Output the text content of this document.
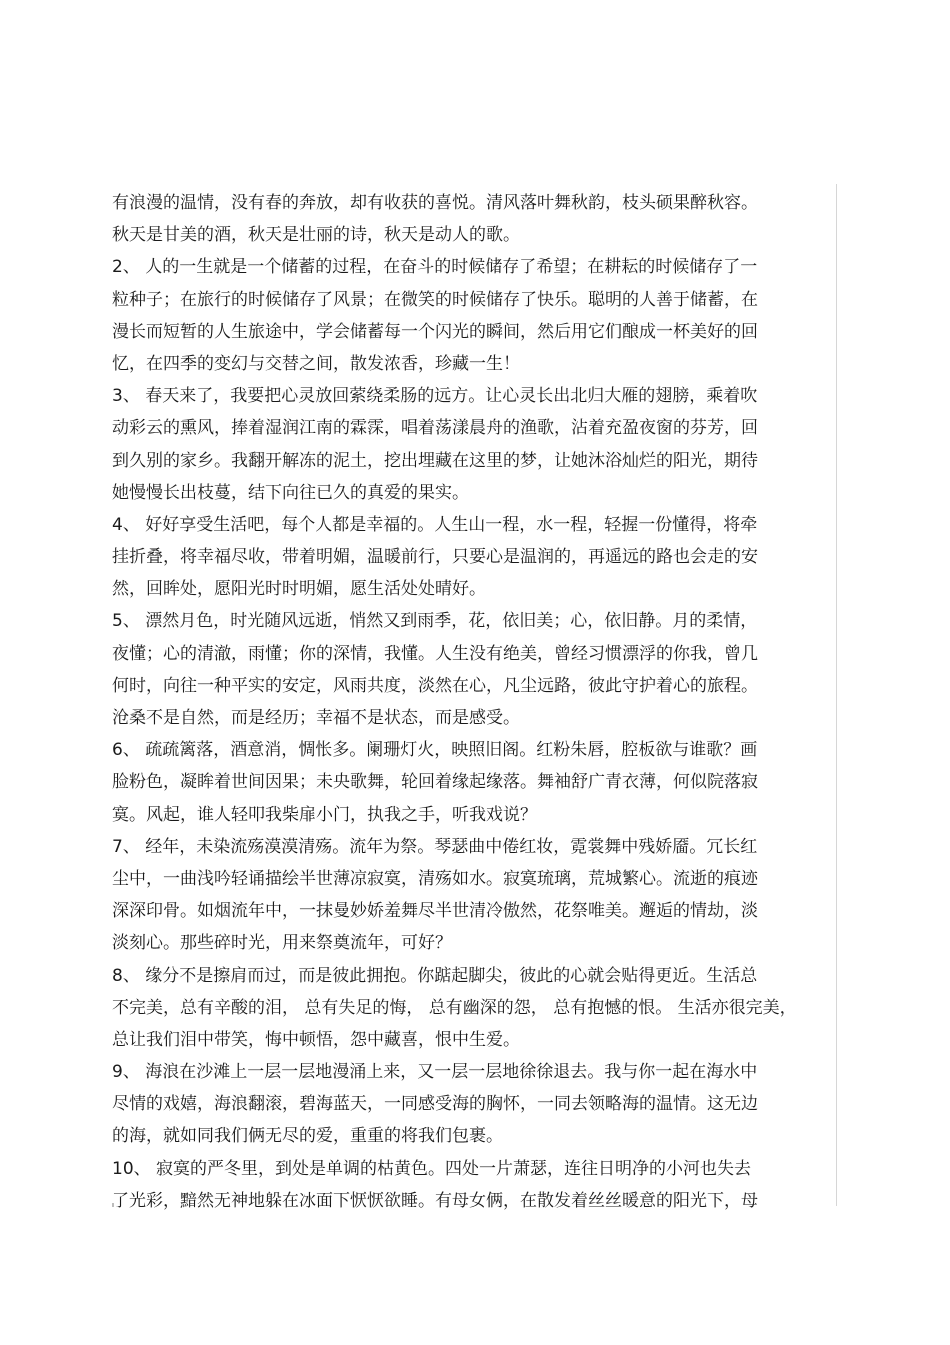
有浪漫的温情，没有春的奔放，却有收获的喜悦。清风落叶舞秋韵，枝头硕果醉秋容。
秋天是甘美的酒，秋天是壮丽的诗，秋天是动人的歌。
2、 人的一生就是一个储蓄的过程，在奋斗的时候储存了希望；在耕耘的时候储存了一
粒种子；在旅行的时候储存了风景；在微笑的时候储存了快乐。聪明的人善于储蓄，在
漫长而短暂的人生旅途中，学会储蓄每一个闪光的瞬间，然后用它们酿成一杯美好的回
忆，在四季的变幻与交替之间，散发浓香，珍藏一生！
3、 春天来了，我要把心灵放回萦绕柔肠的远方。让心灵长出北归大雁的翅膀，乘着吹
动彩云的熏风，捧着湿润江南的霖霂，唱着荡漾晨舟的渔歌，沾着充盈夜窗的芬芳，回
到久别的家乡。我翻开解冻的泥土，挖出埋藏在这里的梦，让她沐浴灿烂的阳光，期待
她慢慢长出枝蔓，结下向往已久的真爱的果实。
4、 好好享受生活吧，每个人都是幸福的。人生山一程，水一程，轻握一份懂得，将牵
挂折叠，将幸福尽收，带着明媚，温暖前行，只要心是温润的，再遥远的路也会走的安
然，回眸处，愿阳光时时明媚，愿生活处处晴好。
5、 漂然月色，时光随风远逝，悄然又到雨季，花，依旧美；心，依旧静。月的柔情，
夜懂；心的清澈，雨懂；你的深情，我懂。人生没有绝美，曾经习惯漂浮的你我，曾几
何时，向往一种平实的安定，风雨共度，淡然在心，凡尘远路，彼此守护着心的旅程。
沧桑不是自然，而是经历；幸福不是状态，而是感受。
6、 疏疏篱落，酒意消，惆怅多。阑珊灯火，映照旧阁。红粉朱唇，腔板欲与谁歌？画
脸粉色，凝眸着世间因果；未央歌舞，轮回着缘起缘落。舞袖舒广青衣薄，何似院落寂
寞。风起，谁人轻叩我柴扉小门，执我之手，听我戏说？
7、 经年，未染流殇漠漠清殇。流年为祭。琴瑟曲中倦红妆，霓裳舞中残娇靥。冗长红
尘中，一曲浅吟轻诵描绘半世薄凉寂寞，清殇如水。寂寞琉璃，荒城繁心。流逝的痕迹
深深印骨。如烟流年中，一抹曼妙娇羞舞尽半世清冷傲然，花祭唯美。邂逅的情劫，淡
淡刻心。那些碎时光，用来祭奠流年，可好？
8、 缘分不是擦肩而过，而是彼此拥抱。你踮起脚尖，彼此的心就会贴得更近。生活总
不完美，总有辛酸的泪， 总有失足的悔， 总有幽深的怨， 总有抱憾的恨。 生活亦很完美，
总让我们泪中带笑，悔中顿悟，怨中藏喜，恨中生爱。
9、 海浪在沙滩上一层一层地漫涌上来，又一层一层地徐徐退去。我与你一起在海水中
尽情的戏嬉，海浪翻滚，碧海蓝天，一同感受海的胸怀，一同去领略海的温情。这无边
的海，就如同我们俩无尽的爱，重重的将我们包裹。
10、 寂寞的严冬里，到处是单调的枯黄色。四处一片萧瑟，连往日明净的小河也失去
了光彩，黯然无神地躲在冰面下恹恹欲睡。有母女俩，在散发着丝丝暖意的阳光下，母
